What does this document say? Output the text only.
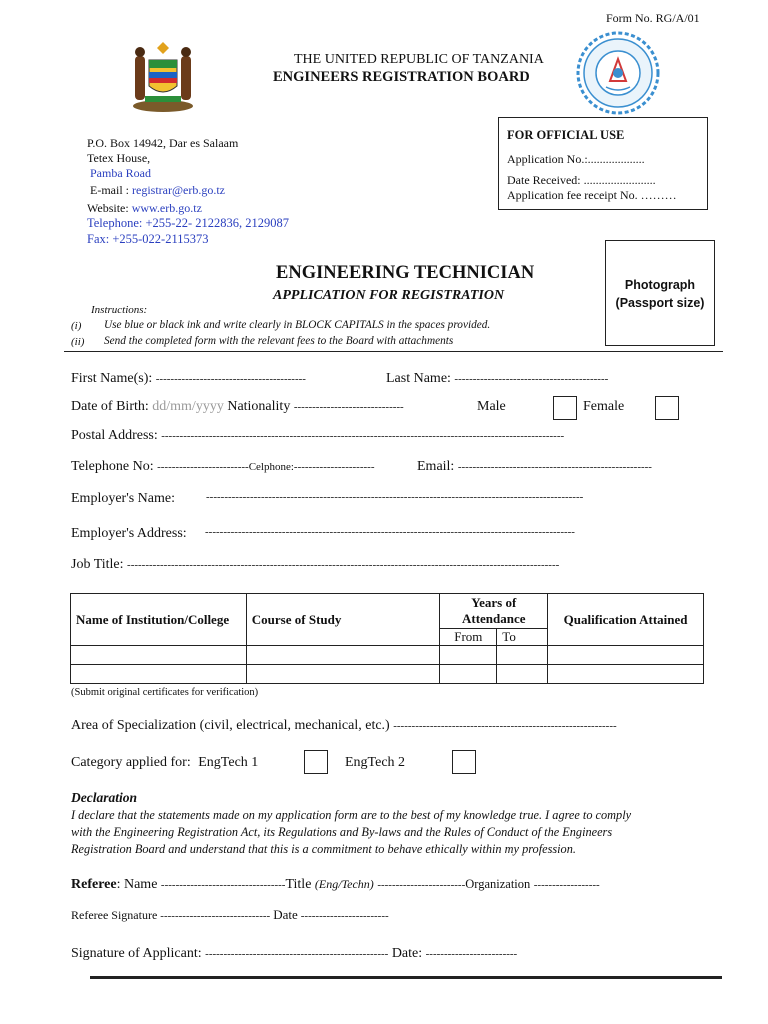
Form No. RG/A/01
THE UNITED REPUBLIC OF TANZANIA
ENGINEERS REGISTRATION BOARD
P.O. Box 14942, Dar es Salaam
Tetex House,
Pamba Road
E-mail : registrar@erb.go.tz
Website: www.erb.go.tz
Telephone: +255-22- 2122836, 2129087
Fax: +255-022-2115373
FOR OFFICIAL USE
Application No.:...................
Date Received: ........................
Application fee receipt No. ………
Photograph
(Passport size)
ENGINEERING TECHNICIAN
APPLICATION FOR REGISTRATION
Instructions:
(i) Use blue or black ink and write clearly in BLOCK CAPITALS in the spaces provided.
(ii) Send the completed form with the relevant fees to the Board with attachments
First Name(s): -----------------------------------------	Last Name: ------------------------------------------
Date of Birth: dd/mm/yyyy Nationality ------------------------------	Male	Female
Postal Address: --------------------------------------------------------------------------------------------------------------
Telephone No: -------------------------Celphone:----------------------	Email: -----------------------------------------------------
Employer's Name:	-------------------------------------------------------------------------------------------------------
Employer's Address: -----------------------------------------------------------------------------------------------------
Job Title: ----------------------------------------------------------------------------------------------------------------------
Name of Institution/College	Course of Study	Years of Attendance		Qualification Attained
		From	To	

(Submit original certificates for verification)
Area of Specialization (civil, electrical, mechanical, etc.) -------------------------------------------------------------
Category applied for: EngTech 1	EngTech 2
Declaration
I declare that the statements made on my application form are to the best of my knowledge true. I agree to comply
with the Engineering Registration Act, its Regulations and By-laws and the Rules of Conduct of the Engineers
Registration Board and understand that this is a commitment to behave ethically within my profession.
Referee: Name ----------------------------------Title (Eng/Techn) ------------------------Organization ------------------
Referee Signature ------------------------------ Date ------------------------
Signature of Applicant: -------------------------------------------------- Date: -------------------------
